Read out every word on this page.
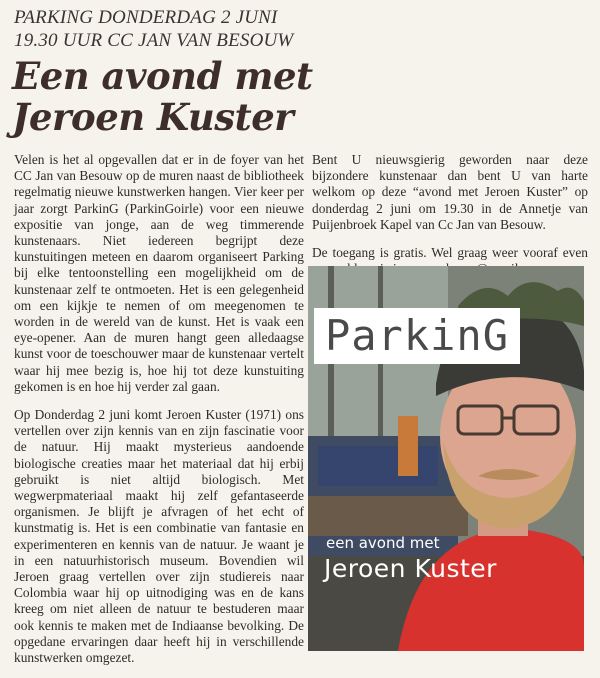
PARKING DONDERDAG 2 JUNI
19.30 UUR CC JAN VAN BESOUW
Een avond met
Jeroen Kuster

Velen is het al opgevallen dat er in de foyer van het CC Jan van Besouw op de muren naast de bibliotheek regelmatig nieuwe kunstwerken hangen. Vier keer per jaar zorgt ParkinG (ParkinGoirle) voor een nieuwe expositie van jonge, aan de weg timmerende kunstenaars. Niet iedereen begrijpt deze kunstuitingen meteen en daarom organiseert Parking bij elke tentoonstelling een mogelijkheid om de kunstenaar zelf te ontmoeten. Het is een gelegenheid om een kijkje te nemen of om meegenomen te worden in de wereld van de kunst. Het is vaak een eye-opener. Aan de muren hangt geen alledaagse kunst voor de toeschouwer maar de kunstenaar vertelt waar hij mee bezig is, hoe hij tot deze kunstuiting gekomen is en hoe hij verder zal gaan.

Op Donderdag 2 juni komt Jeroen Kuster (1971) ons vertellen over zijn kennis van en zijn fascinatie voor de natuur. Hij maakt mysterieus aandoende biologische creaties maar het materiaal dat hij erbij gebruikt is niet altijd biologisch. Met wegwerpmateriaal maakt hij zelf gefantaseerde organismen. Je blijft je afvragen of het echt of kunstmatig is. Het is een combinatie van fantasie en experimenteren en kennis van de natuur. Je waant je in een natuurhistorisch museum. Bovendien wil Jeroen graag vertellen over zijn studiereis naar Colombia waar hij op uitnodiging was en de kans kreeg om niet alleen de natuur te bestuderen maar ook kennis te maken met de Indiaanse bevolking. De opgedane ervaringen daar heeft hij in verschillende kunstwerken omgezet.

Bent U nieuwsgierig geworden naar deze bijzondere kunstenaar dan bent U van harte welkom op deze “avond met Jeroen Kuster” op donderdag 2 juni om 19.30 in de Annetje van Puijenbroek Kapel van Cc Jan van Besouw.

De toegang is gratis. Wel graag weer vooraf even

ParkinG
een avond met
Jeroen Kuster
